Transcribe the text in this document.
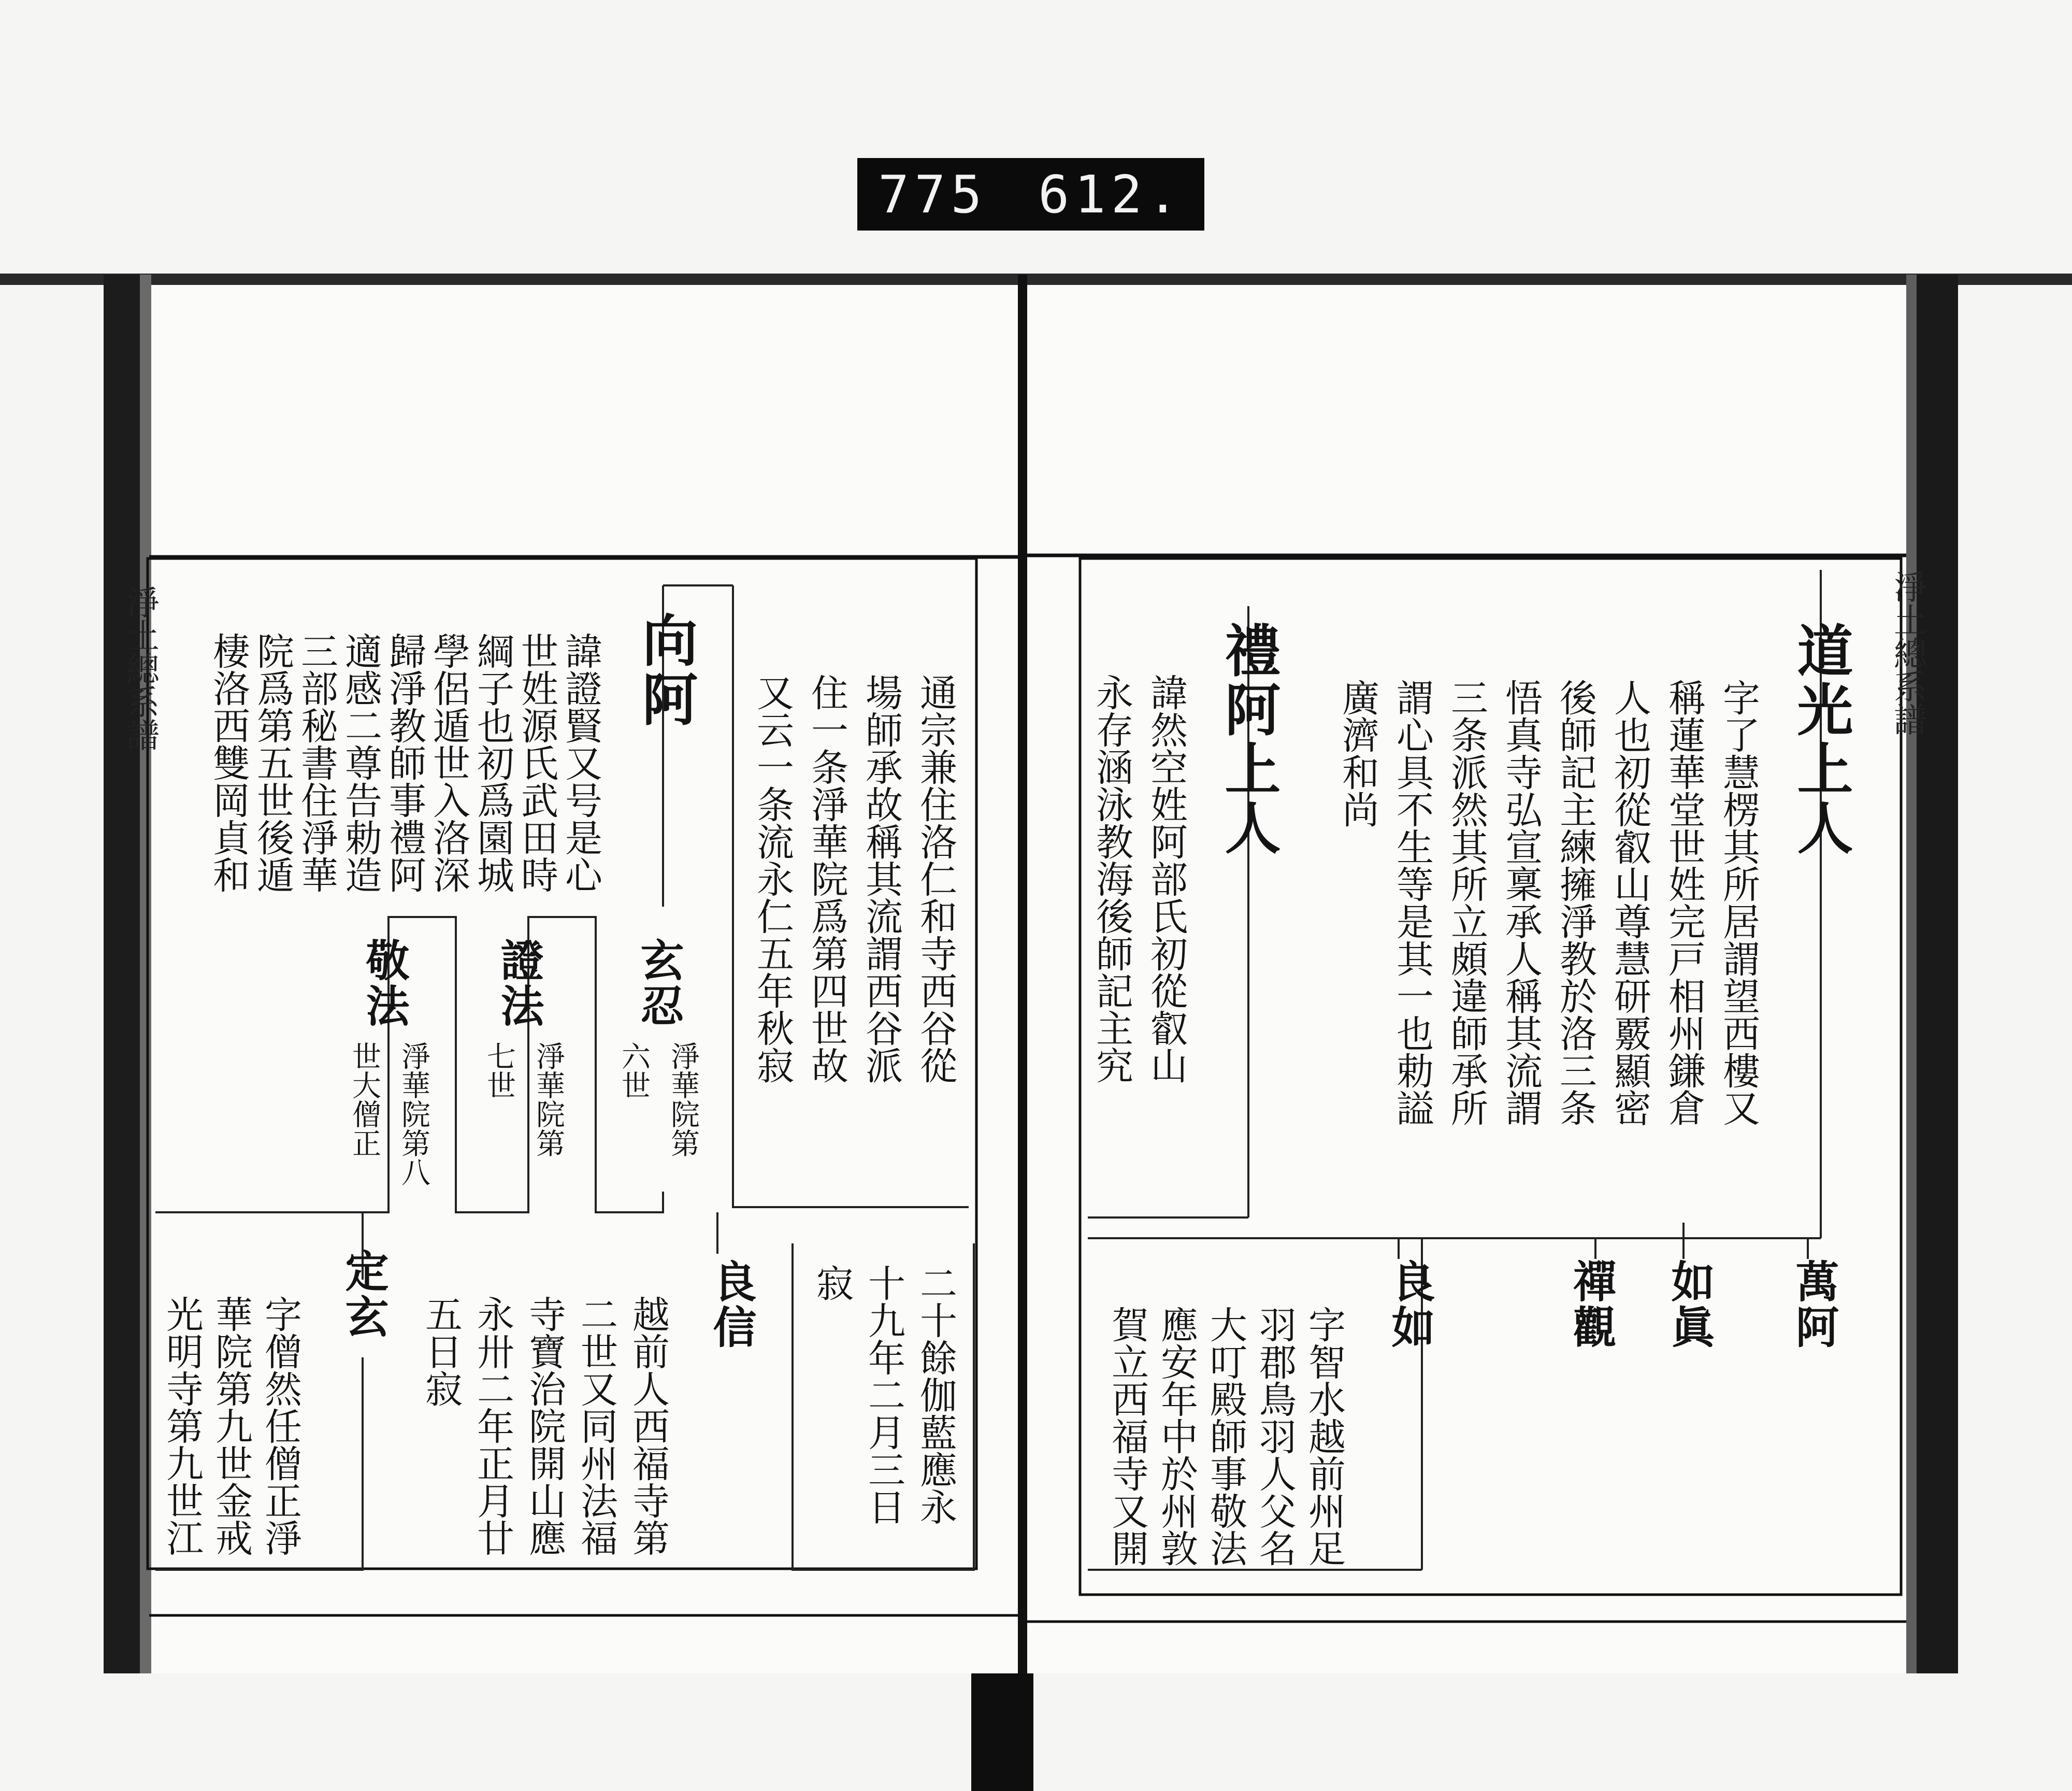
775 612.
淨土總系譜	淨土總系譜
道光上人
字了慧楞其所居謂望西樓又
稱蓮華堂世姓完戸相州鎌倉
人也初從叡山尊慧研覈顯密
後師記主練擁淨教於洛三条
悟真寺弘宣稟承人稱其流謂
三条派然其所立頗違師承所
謂心具不生等是其一也勅謚
廣濟和尚
禮阿上人
諱然空姓阿部氏初從叡山
永存涵泳教海後師記主究
萬阿
如眞
禪觀
良如
字智水越前州足
羽郡鳥羽人父名
大叮殿師事敬法
應安年中於州敦
賀立西福寺又開
通宗兼住洛仁和寺西谷從
場師承故稱其流謂西谷派
住一条淨華院爲第四世故
又云一条流永仁五年秋寂
向阿
諱證賢又号是心
世姓源氏武田時
綱子也初爲園城
學侶遁世入洛深
歸淨教師事禮阿
適感二尊告勅造
三部秘書住淨華
院爲第五世後遁
棲洛西雙岡貞和
玄忍
淨華院第
六世
證法
淨華院第
七世
敬法
淨華院第八
世大僧正
二十餘伽藍應永
十九年二月三日
寂
良信
越前人西福寺第
二世又同州法福
寺寶治院開山應
永卅二年正月廿
五日寂
定玄
字僧然任僧正淨
華院第九世金戒
光明寺第九世江
